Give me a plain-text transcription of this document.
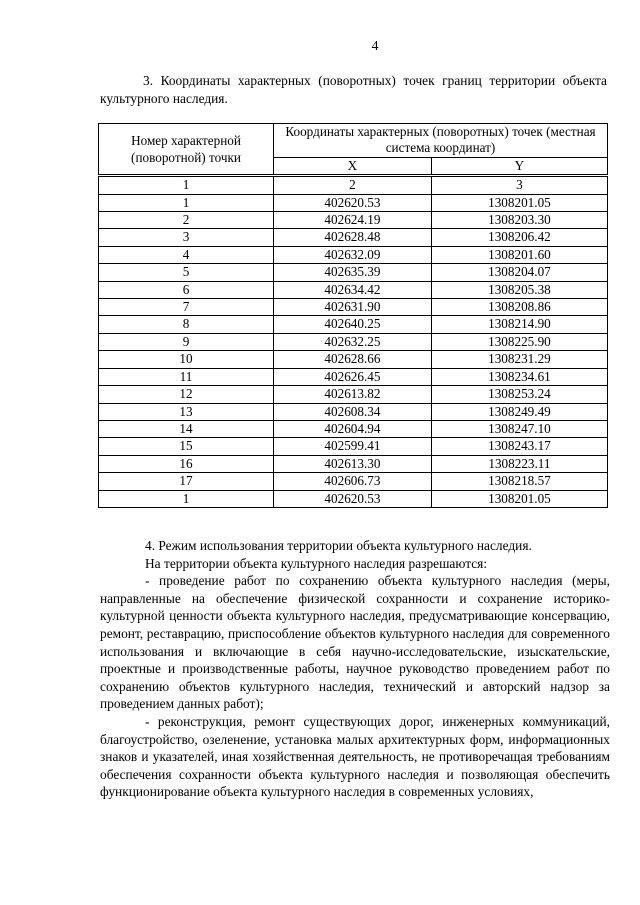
4
3. Координаты характерных (поворотных) точек границ территории объекта культурного наследия.
Номер характерной (поворотной) точки	Координаты характерных (поворотных) точек (местная система координат)	
	X	Y
1	2	3
1	402620.53	1308201.05
2	402624.19	1308203.30
3	402628.48	1308206.42
4	402632.09	1308201.60
5	402635.39	1308204.07
6	402634.42	1308205.38
7	402631.90	1308208.86
8	402640.25	1308214.90
9	402632.25	1308225.90
10	402628.66	1308231.29
11	402626.45	1308234.61
12	402613.82	1308253.24
13	402608.34	1308249.49
14	402604.94	1308247.10
15	402599.41	1308243.17
16	402613.30	1308223.11
17	402606.73	1308218.57
1	402620.53	1308201.05

4. Режим использования территории объекта культурного наследия.

На территории объекта культурного наследия разрешаются:

- проведение работ по сохранению объекта культурного наследия (меры, направленные на обеспечение физической сохранности и сохранение историко-культурной ценности объекта культурного наследия, предусматривающие консервацию, ремонт, реставрацию, приспособление объектов культурного наследия для современного использования и включающие в себя научно-исследовательские, изыскательские, проектные и производственные работы, научное руководство проведением работ по сохранению объектов культурного наследия, технический и авторский надзор за проведением данных работ);

- реконструкция, ремонт существующих дорог, инженерных коммуникаций, благоустройство, озеленение, установка малых архитектурных форм, информационных знаков и указателей, иная хозяйственная деятельность, не противоречащая требованиям обеспечения сохранности объекта культурного наследия и позволяющая обеспечить функционирование объекта культурного наследия в современных условиях,
